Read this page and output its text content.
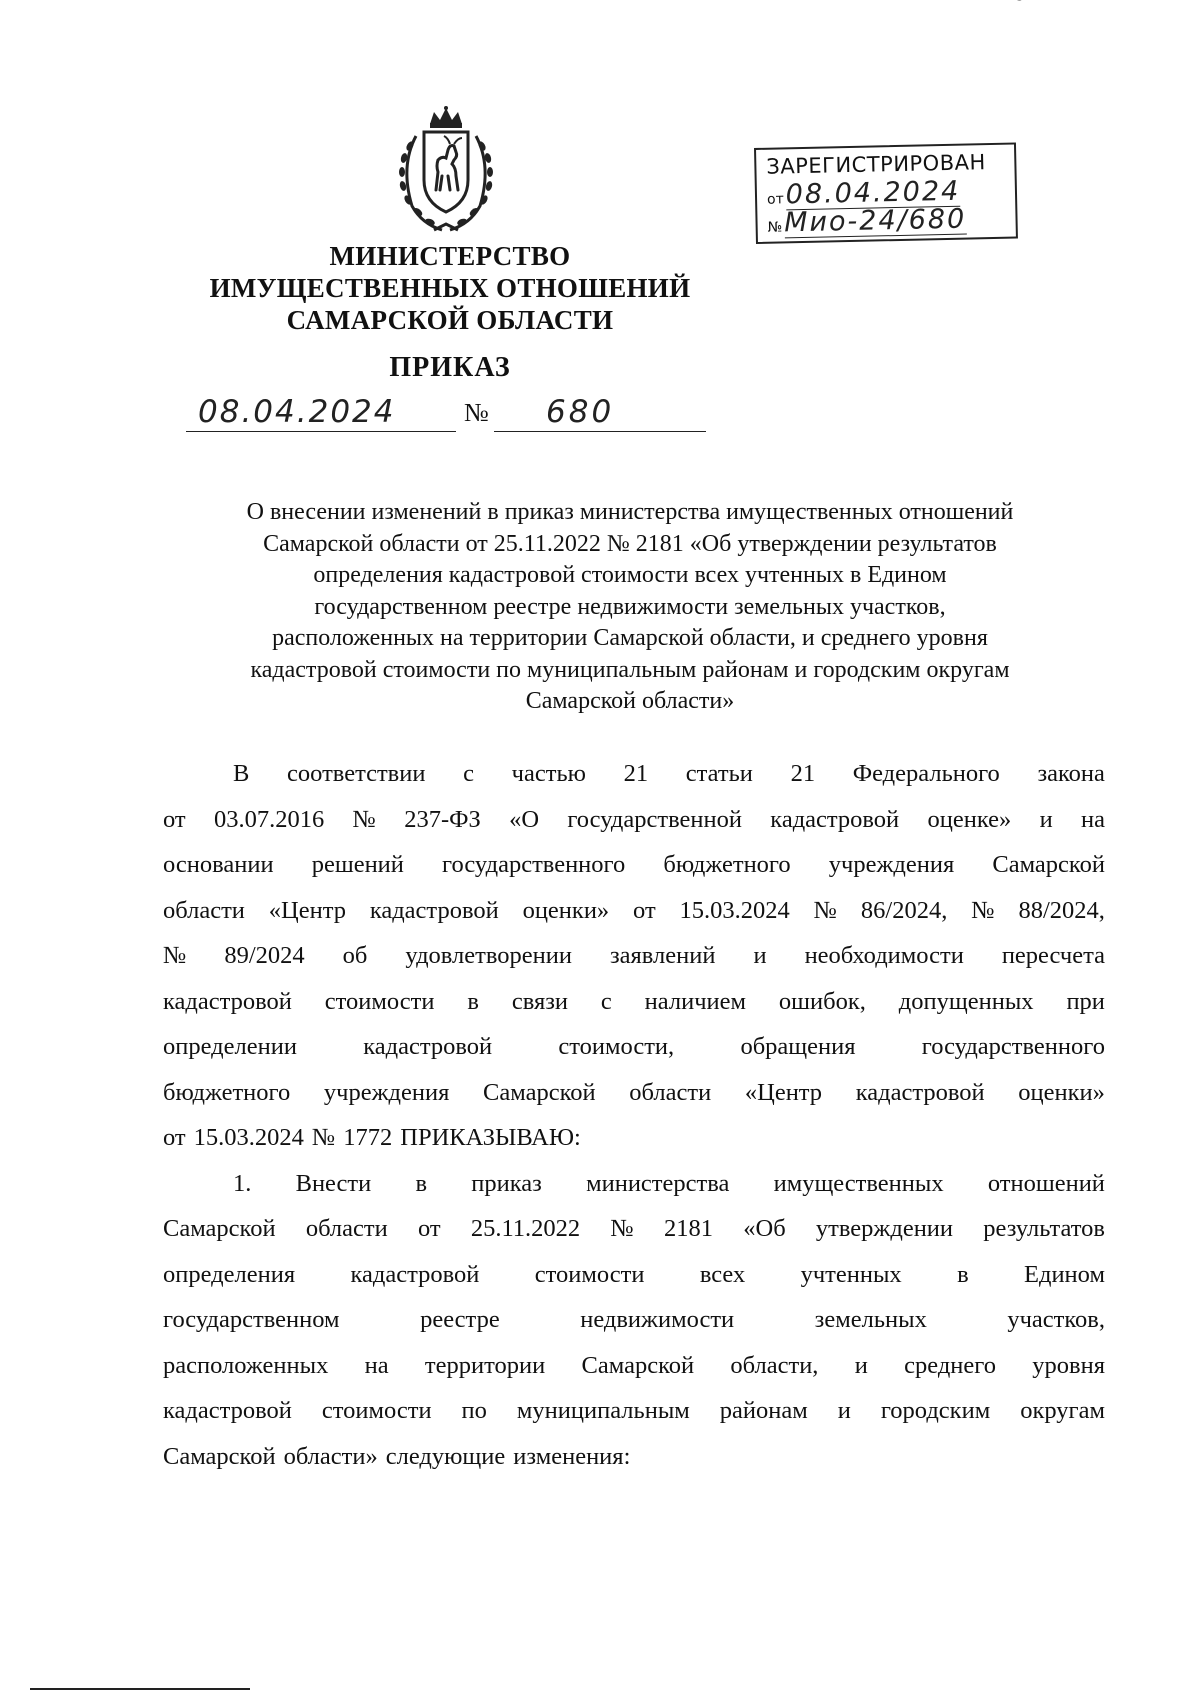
МИНИСТЕРСТВО
ИМУЩЕСТВЕННЫХ ОТНОШЕНИЙ
САМАРСКОЙ ОБЛАСТИ
ПРИКАЗ
08.04.2024	№	680
ЗАРЕГИСТРИРОВАН
от08.04.2024
№Мио-24/680
О внесении изменений в приказ министерства имущественных отношений
Самарской области от 25.11.2022 № 2181 «Об утверждении результатов
определения кадастровой стоимости всех учтенных в Едином
государственном реестре недвижимости земельных участков,
расположенных на территории Самарской области, и среднего уровня
кадастровой стоимости по муниципальным районам и городским округам
Самарской области»
В соответствии с частью 21 статьи 21 Федерального закона
от 03.07.2016 № 237-ФЗ «О государственной кадастровой оценке» и на
основании решений государственного бюджетного учреждения Самарской
области «Центр кадастровой оценки» от 15.03.2024 № 86/2024, № 88/2024,
№ 89/2024 об удовлетворении заявлений и необходимости пересчета
кадастровой стоимости в связи с наличием ошибок, допущенных при
определении	кадастровой	стоимости,	обращения	государственного
бюджетного учреждения Самарской области «Центр кадастровой оценки»
от 15.03.2024 № 1772 ПРИКАЗЫВАЮ:
1. Внести в приказ министерства имущественных отношений
Самарской области от 25.11.2022 № 2181 «Об утверждении результатов
определения кадастровой стоимости всех учтенных в Едином
государственном	реестре	недвижимости	земельных	участков,
расположенных на территории Самарской области, и среднего уровня
кадастровой стоимости по муниципальным районам и городским округам
Самарской области» следующие изменения:
